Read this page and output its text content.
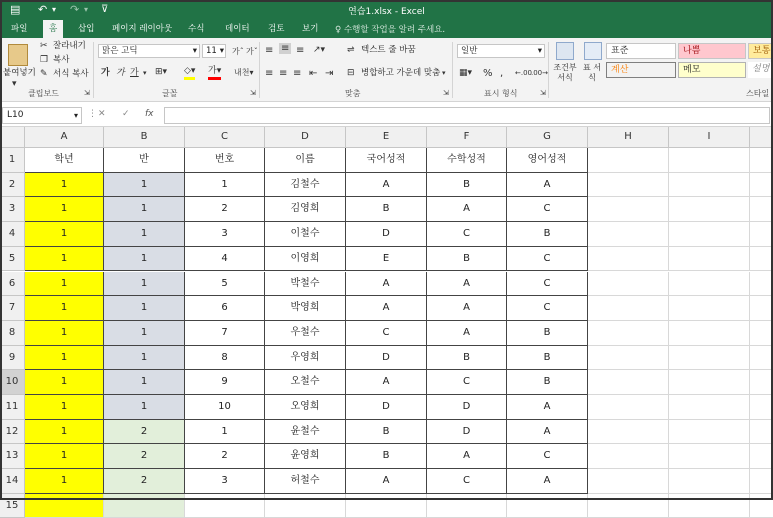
▤ ↶ ▾ ↷ ▾ ⊽	연습1.xlsx - Excel
파일	홈	삽입 페이지 레이아웃 수식 데이터 검토 보기 ♀ 수행할 작업을 알려 주세요.
붙여넣기
▾
✂ 잘라내기
❐ 복사
✎ 서식 복사
클립보드	⇲
맑은 고딕	▾	11 ▾ 가ˆ 가ˇ
가 가 가 ▾ ⊞▾ ◇▾ 가▾ 내천▾
글꼴	⇲
≡ ≡ ≡ ↗▾ ⇌ 텍스트 줄 바꿈
≡ ≡ ≡ ⇤ ⇥ ⊟ 병합하고 가운데 맞춤 ▾
맞춤	⇲
일반	▾
▦▾ % , ←.00 .00→
표시 형식	⇲
조건부 서식
표 서식
표준	나쁨	보통
계산	메모	설명
스타일
L10	▾ ⋮ ✕ ✓ fx
A	B	C	D	E	F	G	H	I
1	학년	반	번호	이름	국어성적	수학성적	영어성적
2	1	1	1	김철수	A	B	A
3	1	1	2	김영희	B	A	C
4	1	1	3	이철수	D	C	B
5	1	1	4	이영희	E	B	C
6	1	1	5	박철수	A	A	C
7	1	1	6	박영희	A	A	C
8	1	1	7	우철수	C	A	B
9	1	1	8	우영희	D	B	B
10	1	1	9	오철수	A	C	B
11	1	1	10	오영희	D	D	A
12	1	2	1	윤철수	B	D	A
13	1	2	2	윤영희	B	A	C
14	1	2	3	허철수	A	C	A
15
